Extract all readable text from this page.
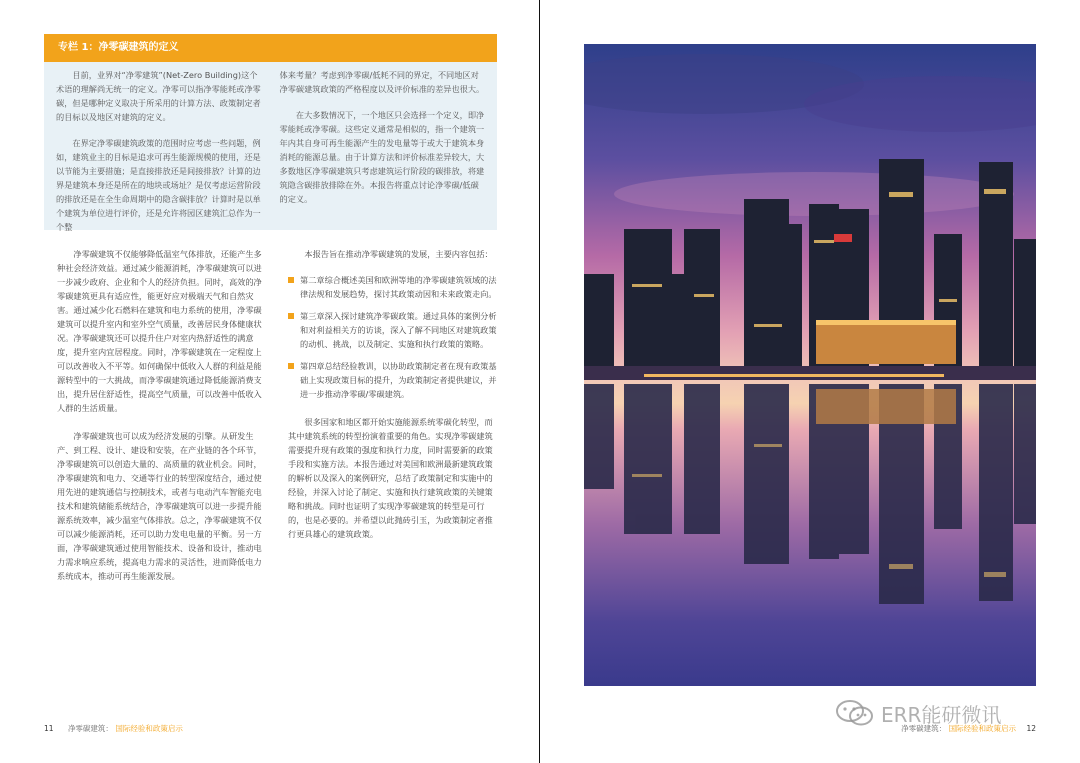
专栏 1：净零碳建筑的定义

目前，业界对“净零建筑”(Net-Zero Building)这个术语的理解尚无统一的定义。净零可以指净零能耗或净零碳，但是哪种定义取决于所采用的计算方法、政策制定者的目标以及地区对建筑的定义。

在界定净零碳建筑政策的范围时应考虑一些问题，例如，建筑业主的目标是追求可再生能源规模的使用，还是以节能为主要措施；是直接排放还是间接排放？计算的边界是建筑本身还是所在的地块或场址？是仅考虑运营阶段的排放还是在全生命周期中的隐含碳排放？计算时是以单个建筑为单位进行评价，还是允许将园区建筑汇总作为一个整

体来考量？考虑到净零碳/低耗不同的界定，不同地区对净零碳建筑政策的严格程度以及评价标准的差异也很大。

在大多数情况下，一个地区只会选择一个定义，即净零能耗或净零碳。这些定义通常是相似的，指一个建筑一年内其自身可再生能源产生的发电量等于或大于建筑本身消耗的能源总量。由于计算方法和评价标准差异较大，大多数地区净零碳建筑只考虑建筑运行阶段的碳排放，将建筑隐含碳排放排除在外。本报告将重点讨论净零碳/低碳的定义。

净零碳建筑不仅能够降低温室气体排放，还能产生多种社会经济效益。通过减少能源消耗，净零碳建筑可以进一步减少政府、企业和个人的经济负担。同时，高效的净零碳建筑更具有适应性，能更好应对极端天气和自然灾害。通过减少化石燃料在建筑和电力系统的使用，净零碳建筑可以提升室内和室外空气质量，改善居民身体健康状况。净零碳建筑还可以提升住户对室内热舒适性的满意度，提升室内宜居程度。同时，净零碳建筑在一定程度上可以改善收入不平等。如何确保中低收入人群的利益是能源转型中的一大挑战，而净零碳建筑通过降低能源消费支出，提升居住舒适性，提高空气质量，可以改善中低收入人群的生活质量。

净零碳建筑也可以成为经济发展的引擎。从研发生产、到工程、设计、建设和安装，在产业链的各个环节，净零碳建筑可以创造大量的、高质量的就业机会。同时，净零碳建筑和电力、交通等行业的转型深度结合，通过使用先进的建筑通信与控制技术，或者与电动汽车智能充电技术和建筑储能系统结合，净零碳建筑可以进一步提升能源系统效率，减少温室气体排放。总之，净零碳建筑不仅可以减少能源消耗，还可以助力发电电量的平衡。另一方面，净零碳建筑通过使用智能技术、设备和设计，推动电力需求响应系统，提高电力需求的灵活性，进而降低电力系统成本，推动可再生能源发展。

本报告旨在推动净零碳建筑的发展，主要内容包括：

第二章综合概述美国和欧洲等地的净零碳建筑领域的法律法规和发展趋势，探讨其政策动因和未来政策走向。
第三章深入探讨建筑净零碳政策。通过具体的案例分析和对利益相关方的访谈，深入了解不同地区对建筑政策的动机、挑战，以及制定、实施和执行政策的策略。
第四章总结经验教训，以协助政策制定者在现有政策基础上实现政策目标的提升，为政策制定者提供建议，并进一步推动净零碳/零碳建筑。

很多国家和地区都开始实施能源系统零碳化转型，而其中建筑系统的转型扮演着重要的角色。实现净零碳建筑需要提升现有政策的强度和执行力度，同时需要新的政策手段和实施方法。本报告通过对美国和欧洲最新建筑政策的解析以及深入的案例研究，总结了政策制定和实施中的经验，并深入讨论了制定、实施和执行建筑政策的关键策略和挑战。同时也证明了实现净零碳建筑的转型是可行的，也是必要的。并希望以此抛砖引玉，为政策制定者推行更具雄心的建筑政策。

11 净零碳建筑： 国际经验和政策启示	净零碳建筑： 国际经验和政策启示 12
ERR能研微讯
